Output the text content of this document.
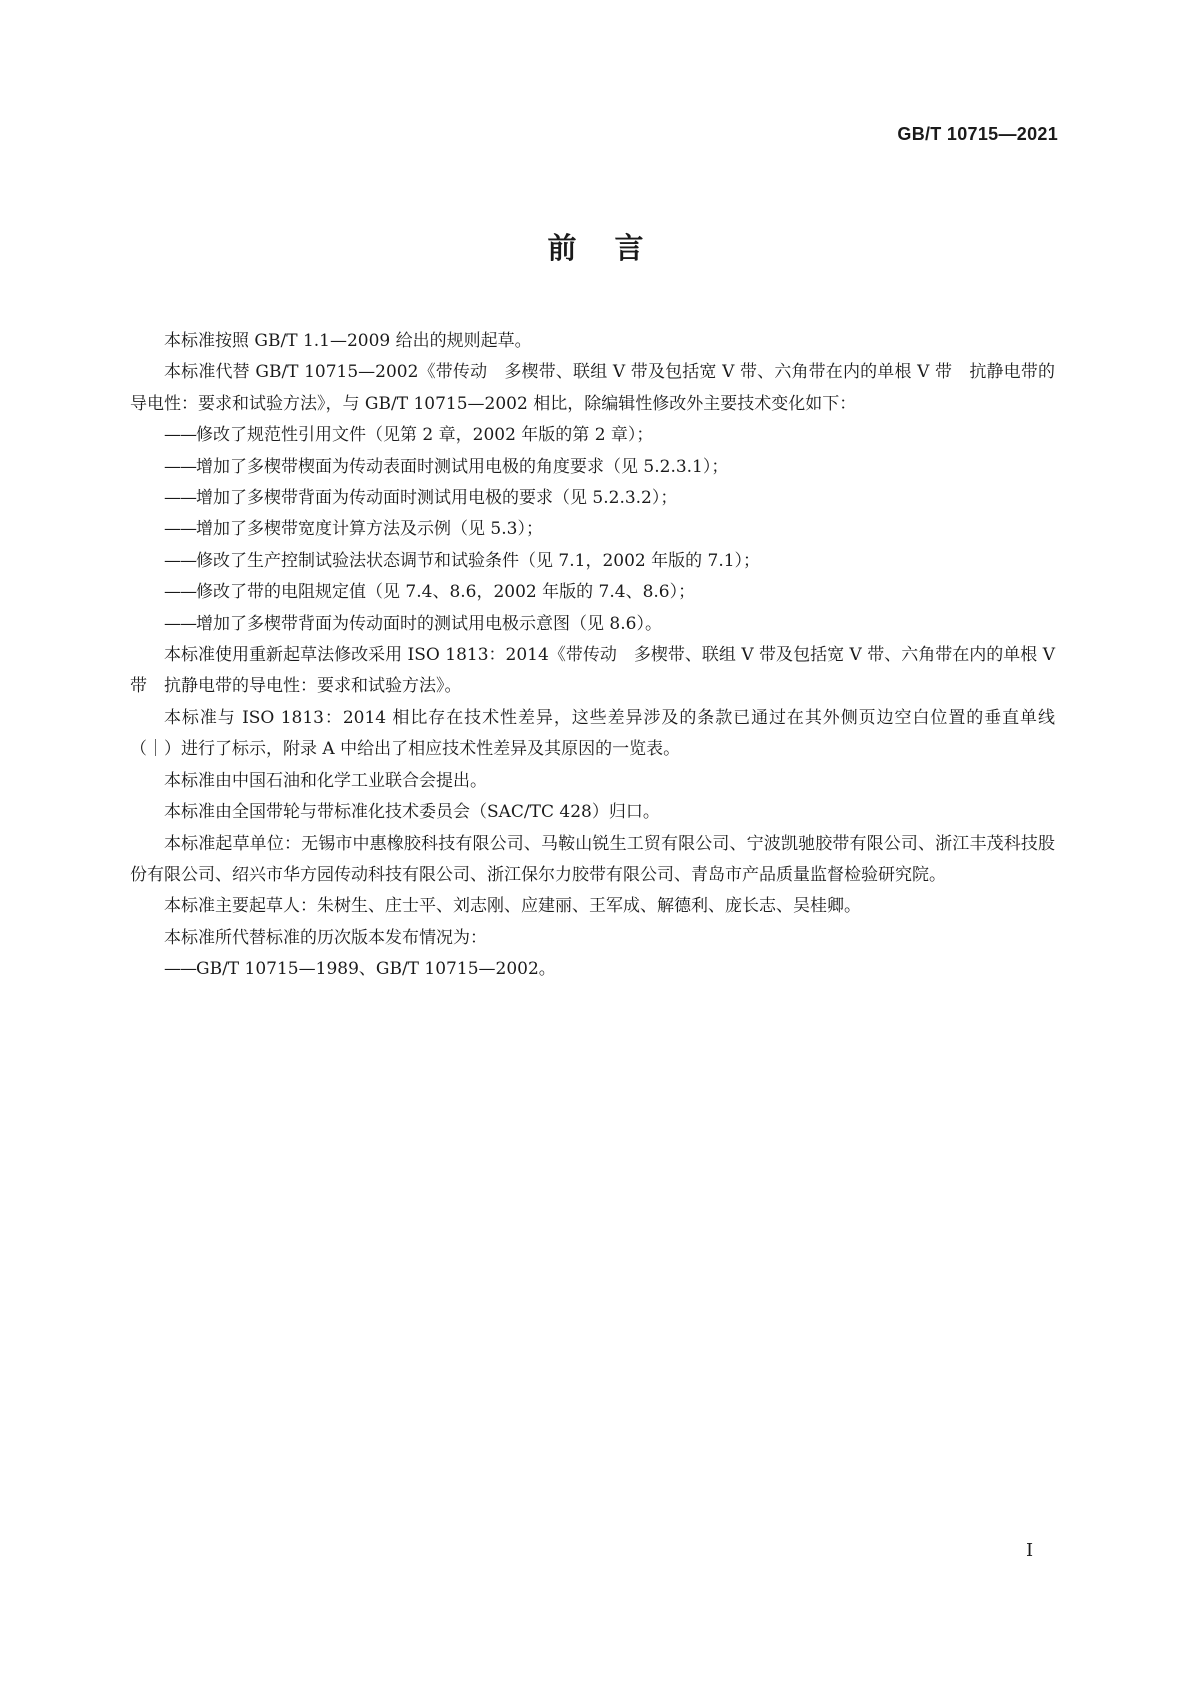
GB/T 10715—2021
前言

本标准按照 GB/T 1.1—2009 给出的规则起草。

本标准代替 GB/T 10715—2002《带传动　多楔带、联组 V 带及包括宽 V 带、六角带在内的单根 V 带　抗静电带的导电性：要求和试验方法》，与 GB/T 10715—2002 相比，除编辑性修改外主要技术变化如下：

——修改了规范性引用文件（见第 2 章，2002 年版的第 2 章）；

——增加了多楔带楔面为传动表面时测试用电极的角度要求（见 5.2.3.1）；

——增加了多楔带背面为传动面时测试用电极的要求（见 5.2.3.2）；

——增加了多楔带宽度计算方法及示例（见 5.3）；

——修改了生产控制试验法状态调节和试验条件（见 7.1，2002 年版的 7.1）；

——修改了带的电阻规定值（见 7.4、8.6，2002 年版的 7.4、8.6）；

——增加了多楔带背面为传动面时的测试用电极示意图（见 8.6）。

本标准使用重新起草法修改采用 ISO 1813：2014《带传动　多楔带、联组 V 带及包括宽 V 带、六角带在内的单根 V 带　抗静电带的导电性：要求和试验方法》。

本标准与 ISO 1813：2014 相比存在技术性差异，这些差异涉及的条款已通过在其外侧页边空白位置的垂直单线（｜）进行了标示，附录 A 中给出了相应技术性差异及其原因的一览表。

本标准由中国石油和化学工业联合会提出。

本标准由全国带轮与带标准化技术委员会（SAC/TC 428）归口。

本标准起草单位：无锡市中惠橡胶科技有限公司、马鞍山锐生工贸有限公司、宁波凯驰胶带有限公司、浙江丰茂科技股份有限公司、绍兴市华方园传动科技有限公司、浙江保尔力胶带有限公司、青岛市产品质量监督检验研究院。

本标准主要起草人：朱树生、庄士平、刘志刚、应建丽、王军成、解德利、庞长志、吴桂卿。

本标准所代替标准的历次版本发布情况为：

——GB/T 10715—1989、GB/T 10715—2002。

I
